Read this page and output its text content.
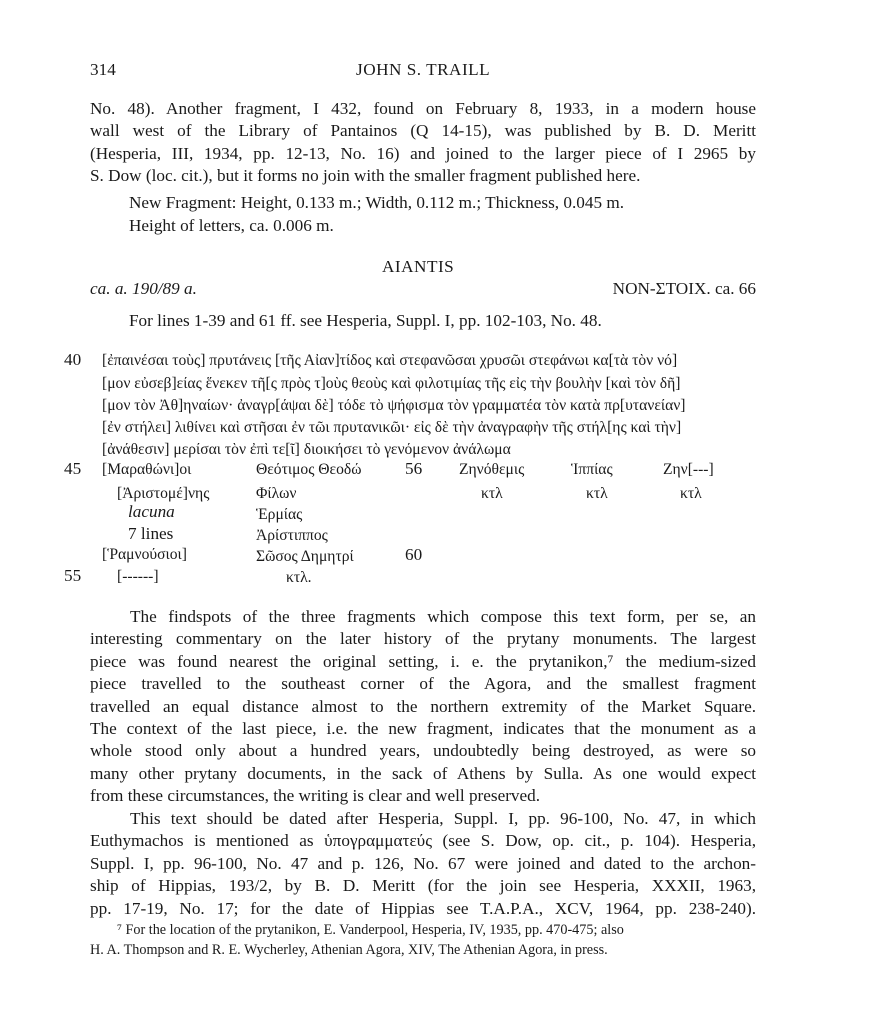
314	JOHN S. TRAILL
No. 48). Another fragment, I 432, found on February 8, 1933, in a modern house
wall west of the Library of Pantainos (Q 14-15), was published by B. D. Meritt
(Hesperia, III, 1934, pp. 12-13, No. 16) and joined to the larger piece of I 2965 by
S. Dow (loc. cit.), but it forms no join with the smaller fragment published here.
New Fragment: Height, 0.133 m.; Width, 0.112 m.; Thickness, 0.045 m.
Height of letters, ca. 0.006 m.
AIANTIS
ca. a. 190/89 a.	NON-ΣΤΟΙΧ. ca. 66
For lines 1-39 and 61 ff. see Hesperia, Suppl. I, pp. 102-103, No. 48.
40 [ἐπαινέσαι τοὺς] πρυτάνεις [τῆς Αἰαν]τίδος καὶ στεφανῶσαι χρυσῶι στεφάνωι κα[τὰ τὸν νό]
[μον εὐσεβ]είας ἕνεκεν τῆ[ς πρὸς τ]οὺς θεοὺς καὶ φιλοτιμίας τῆς εἰς τὴν βουλὴν [καὶ τὸν δῆ]
[μον τὸν Ἀθ]ηναίων· ἀναγρ[άψαι δὲ] τόδε τὸ ψήφισμα τὸν γραμματέα τὸν κατὰ πρ[υτανείαν]
[ἐν στήλει] λιθίνει καὶ στῆσαι ἐν τῶι πρυτανικῶι· εἰς δὲ τὴν ἀναγραφὴν τῆς στήλ[ης καὶ τὴν]
[ἀνάθεσιν] μερίσαι τὸν ἐπὶ τε[ῖ] διοικήσει τὸ γενόμενον ἀνάλωμα
45 [Μαραθώνι]οι
[Ἀριστομέ]νης
lacuna
7 lines
[Ῥαμνούσιοι]
55 [------]
Θεότιμος Θεοδώ
Φίλων
Ἑρμίας
Ἀρίστιππος
Σῶσος Δημητρί
κτλ.
56
60
Ζηνόθεμις
κτλ
Ἱππίας
κτλ
Ζην[---]
κτλ
The findspots of the three fragments which compose this text form, per se, an
interesting commentary on the later history of the prytany monuments. The largest
piece was found nearest the original setting, i. e. the prytanikon,⁷ the medium-sized
piece travelled to the southeast corner of the Agora, and the smallest fragment
travelled an equal distance almost to the northern extremity of the Market Square.
The context of the last piece, i.e. the new fragment, indicates that the monument as a
whole stood only about a hundred years, undoubtedly being destroyed, as were so
many other prytany documents, in the sack of Athens by Sulla. As one would expect
from these circumstances, the writing is clear and well preserved.
This text should be dated after Hesperia, Suppl. I, pp. 96-100, No. 47, in which
Euthymachos is mentioned as ὑπογραμματεύς (see S. Dow, op. cit., p. 104). Hesperia,
Suppl. I, pp. 96-100, No. 47 and p. 126, No. 67 were joined and dated to the archon-
ship of Hippias, 193/2, by B. D. Meritt (for the join see Hesperia, XXXII, 1963,
pp. 17-19, No. 17; for the date of Hippias see T.A.P.A., XCV, 1964, pp. 238-240).
⁷ For the location of the prytanikon, E. Vanderpool, Hesperia, IV, 1935, pp. 470-475; also
H. A. Thompson and R. E. Wycherley, Athenian Agora, XIV, The Athenian Agora, in press.
